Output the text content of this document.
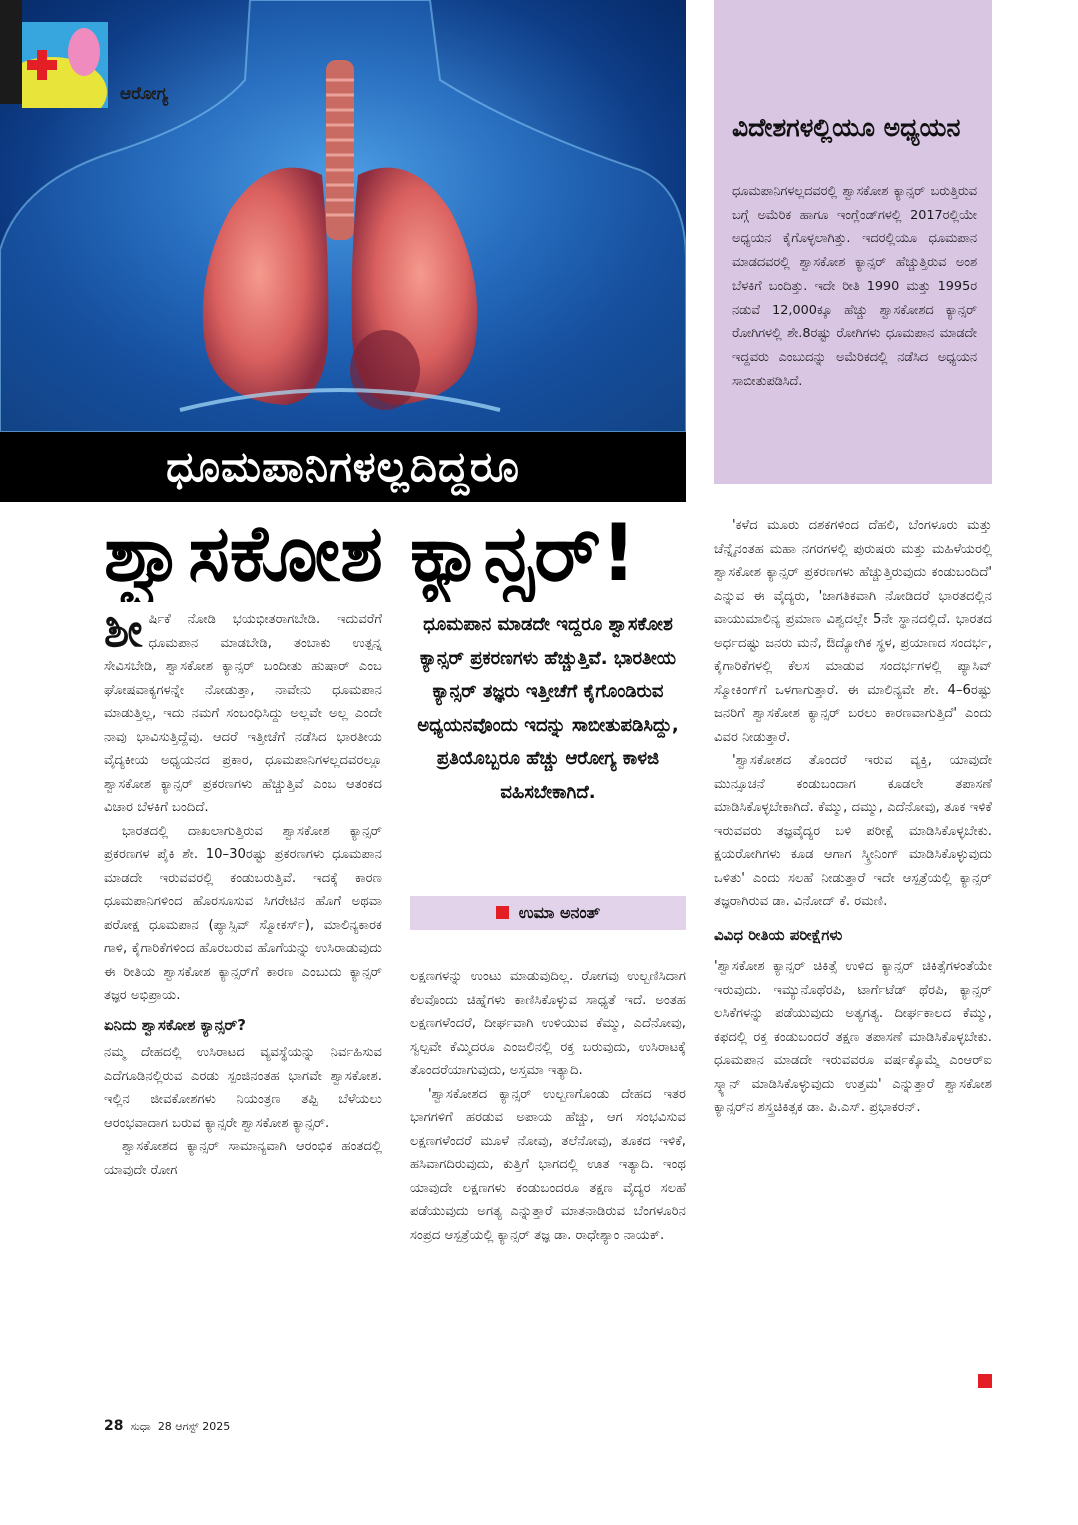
ಆರೋಗ್ಯ
ಧೂಮಪಾನಿಗಳಲ್ಲದಿದ್ದರೂ
ಶ್ವಾಸಕೋಶ ಕ್ಯಾನ್ಸರ್!
ವಿದೇಶಗಳಲ್ಲಿಯೂ ಅಧ್ಯಯನ
ಧೂಮಪಾನಿಗಳಲ್ಲದವರಲ್ಲಿ ಶ್ವಾಸಕೋಶ ಕ್ಯಾನ್ಸರ್ ಬರುತ್ತಿರುವ ಬಗ್ಗೆ ಅಮೆರಿಕ ಹಾಗೂ ಇಂಗ್ಲೆಂಡ್‌ಗಳಲ್ಲಿ 2017ರಲ್ಲಿಯೇ ಅಧ್ಯಯನ ಕೈಗೊಳ್ಳಲಾಗಿತ್ತು. ಇದರಲ್ಲಿಯೂ ಧೂಮಪಾನ ಮಾಡದವರಲ್ಲಿ ಶ್ವಾಸಕೋಶ ಕ್ಯಾನ್ಸರ್ ಹೆಚ್ಚುತ್ತಿರುವ ಅಂಶ ಬೆಳಕಿಗೆ ಬಂದಿತ್ತು. ಇದೇ ರೀತಿ 1990 ಮತ್ತು 1995ರ ನಡುವೆ 12,000ಕ್ಕೂ ಹೆಚ್ಚು ಶ್ವಾಸಕೋಶದ ಕ್ಯಾನ್ಸರ್ ರೋಗಿಗಳಲ್ಲಿ ಶೇ.8ರಷ್ಟು ರೋಗಿಗಳು ಧೂಮಪಾನ ಮಾಡದೇ ಇದ್ದವರು ಎಂಬುದನ್ನು ಅಮೆರಿಕದಲ್ಲಿ ನಡೆಸಿದ ಅಧ್ಯಯನ ಸಾಬೀತುಪಡಿಸಿದೆ.

ಶೀ ರ್ಷಿಕೆ ನೋಡಿ ಭಯಭೀತರಾಗಬೇಡಿ. ಇದುವರೆಗೆ ಧೂಮಪಾನ ಮಾಡಬೇಡಿ, ತಂಬಾಕು ಉತ್ಪನ್ನ ಸೇವಿಸಬೇಡಿ, ಶ್ವಾಸಕೋಶ ಕ್ಯಾನ್ಸರ್ ಬಂದೀತು ಹುಷಾರ್ ಎಂಬ ಘೋಷವಾಕ್ಯಗಳನ್ನೇ ನೋಡುತ್ತಾ, ನಾವೇನು ಧೂಮಪಾನ ಮಾಡುತ್ತಿಲ್ಲ, ಇದು ನಮಗೆ ಸಂಬಂಧಿಸಿದ್ದು ಅಲ್ಲವೇ ಅಲ್ಲ ಎಂದೇ ನಾವು ಭಾವಿಸುತ್ತಿದ್ದೆವು. ಆದರೆ ಇತ್ತೀಚೆಗೆ ನಡೆಸಿದ ಭಾರತೀಯ ವೈದ್ಯಕೀಯ ಅಧ್ಯಯನದ ಪ್ರಕಾರ, ಧೂಮಪಾನಿಗಳಲ್ಲದವರಲ್ಲೂ ಶ್ವಾಸಕೋಶ ಕ್ಯಾನ್ಸರ್ ಪ್ರಕರಣಗಳು ಹೆಚ್ಚುತ್ತಿವೆ ಎಂಬ ಆತಂಕದ ವಿಚಾರ ಬೆಳಕಿಗೆ ಬಂದಿದೆ.

ಭಾರತದಲ್ಲಿ ದಾಖಲಾಗುತ್ತಿರುವ ಶ್ವಾಸಕೋಶ ಕ್ಯಾನ್ಸರ್ ಪ್ರಕರಣಗಳ ಪೈಕಿ ಶೇ. 10–30ರಷ್ಟು ಪ್ರಕರಣಗಳು ಧೂಮಪಾನ ಮಾಡದೇ ಇರುವವರಲ್ಲಿ ಕಂಡುಬರುತ್ತಿವೆ. ಇದಕ್ಕೆ ಕಾರಣ ಧೂಮಪಾನಿಗಳಿಂದ ಹೊರಸೂಸುವ ಸಿಗರೇಟಿನ ಹೊಗೆ ಅಥವಾ ಪರೋಕ್ಷ ಧೂಮಪಾನ (ಪ್ಯಾಸ್ಸಿವ್ ಸ್ಮೋಕರ್ಸ್), ಮಾಲಿನ್ಯಕಾರಕ ಗಾಳಿ, ಕೈಗಾರಿಕೆಗಳಿಂದ ಹೊರಬರುವ ಹೊಗೆಯನ್ನು ಉಸಿರಾಡುವುದು ಈ ರೀತಿಯ ಶ್ವಾಸಕೋಶ ಕ್ಯಾನ್ಸರ್‌ಗೆ ಕಾರಣ ಎಂಬುದು ಕ್ಯಾನ್ಸರ್ ತಜ್ಞರ ಅಭಿಪ್ರಾಯ.

ಏನಿದು ಶ್ವಾಸಕೋಶ ಕ್ಯಾನ್ಸರ್?

ನಮ್ಮ ದೇಹದಲ್ಲಿ ಉಸಿರಾಟದ ವ್ಯವಸ್ಥೆಯನ್ನು ನಿರ್ವಹಿಸುವ ಎದೆಗೂಡಿನಲ್ಲಿರುವ ಎರಡು ಸ್ಪಂಜಿನಂತಹ ಭಾಗವೇ ಶ್ವಾಸಕೋಶ. ಇಲ್ಲಿನ ಜೀವಕೋಶಗಳು ನಿಯಂತ್ರಣ ತಪ್ಪಿ ಬೆಳೆಯಲು ಆರಂಭವಾದಾಗ ಬರುವ ಕ್ಯಾನ್ಸರೇ ಶ್ವಾಸಕೋಶ ಕ್ಯಾನ್ಸರ್.

ಶ್ವಾಸಕೋಶದ ಕ್ಯಾನ್ಸರ್ ಸಾಮಾನ್ಯವಾಗಿ ಆರಂಭಿಕ ಹಂತದಲ್ಲಿ ಯಾವುದೇ ರೋಗ

ಧೂಮಪಾನ ಮಾಡದೇ ಇದ್ದರೂ ಶ್ವಾಸಕೋಶ ಕ್ಯಾನ್ಸರ್ ಪ್ರಕರಣಗಳು ಹೆಚ್ಚುತ್ತಿವೆ. ಭಾರತೀಯ ಕ್ಯಾನ್ಸರ್ ತಜ್ಞರು ಇತ್ತೀಚೆಗೆ ಕೈಗೊಂಡಿರುವ ಅಧ್ಯಯನವೊಂದು ಇದನ್ನು ಸಾಬೀತುಪಡಿಸಿದ್ದು, ಪ್ರತಿಯೊಬ್ಬರೂ ಹೆಚ್ಚು ಆರೋಗ್ಯ ಕಾಳಜಿ ವಹಿಸಬೇಕಾಗಿದೆ.
ಉಮಾ ಅನಂತ್

ಲಕ್ಷಣಗಳನ್ನು ಉಂಟು ಮಾಡುವುದಿಲ್ಲ. ರೋಗವು ಉಲ್ಬಣಿಸಿದಾಗ ಕೆಲವೊಂದು ಚಿಹ್ನೆಗಳು ಕಾಣಿಸಿಕೊಳ್ಳುವ ಸಾಧ್ಯತೆ ಇದೆ. ಅಂತಹ ಲಕ್ಷಣಗಳೆಂದರೆ, ದೀರ್ಘವಾಗಿ ಉಳಿಯುವ ಕೆಮ್ಮು, ಎದೆನೋವು, ಸ್ವಲ್ಪವೇ ಕೆಮ್ಮಿದರೂ ಎಂಜಲಿನಲ್ಲಿ ರಕ್ತ ಬರುವುದು, ಉಸಿರಾಟಕ್ಕೆ ತೊಂದರೆಯಾಗುವುದು, ಅಸ್ತಮಾ ಇತ್ಯಾದಿ.

'ಶ್ವಾಸಕೋಶದ ಕ್ಯಾನ್ಸರ್ ಉಲ್ಬಣಗೊಂಡು ದೇಹದ ಇತರ ಭಾಗಗಳಿಗೆ ಹರಡುವ ಅಪಾಯ ಹೆಚ್ಚು, ಆಗ ಸಂಭವಿಸುವ ಲಕ್ಷಣಗಳೆಂದರೆ ಮೂಳೆ ನೋವು, ತಲೆನೋವು, ತೂಕದ ಇಳಿಕೆ, ಹಸಿವಾಗದಿರುವುದು, ಕುತ್ತಿಗೆ ಭಾಗದಲ್ಲಿ ಊತ ಇತ್ಯಾದಿ. ಇಂಥ ಯಾವುದೇ ಲಕ್ಷಣಗಳು ಕಂಡುಬಂದರೂ ತಕ್ಷಣ ವೈದ್ಯರ ಸಲಹೆ ಪಡೆಯುವುದು ಅಗತ್ಯ ಎನ್ನುತ್ತಾರೆ ಮಾತನಾಡಿರುವ ಬೆಂಗಳೂರಿನ ಸಂಪ್ರದ ಆಸ್ಪತ್ರೆಯಲ್ಲಿ ಕ್ಯಾನ್ಸರ್ ತಜ್ಞ ಡಾ. ರಾಧೇಶ್ಯಾಂ ನಾಯಕ್.

'ಕಳೆದ ಮೂರು ದಶಕಗಳಿಂದ ದೆಹಲಿ, ಬೆಂಗಳೂರು ಮತ್ತು ಚೆನ್ನೈನಂತಹ ಮಹಾ ನಗರಗಳಲ್ಲಿ ಪುರುಷರು ಮತ್ತು ಮಹಿಳೆಯರಲ್ಲಿ ಶ್ವಾಸಕೋಶ ಕ್ಯಾನ್ಸರ್ ಪ್ರಕರಣಗಳು ಹೆಚ್ಚುತ್ತಿರುವುದು ಕಂಡುಬಂದಿದೆ' ಎನ್ನುವ ಈ ವೈದ್ಯರು, 'ಜಾಗತಿಕವಾಗಿ ನೋಡಿದರೆ ಭಾರತದಲ್ಲಿನ ವಾಯುಮಾಲಿನ್ಯ ಪ್ರಮಾಣ ವಿಶ್ವದಲ್ಲೇ 5ನೇ ಸ್ಥಾನದಲ್ಲಿದೆ. ಭಾರತದ ಅರ್ಧದಷ್ಟು ಜನರು ಮನೆ, ಔದ್ಯೋಗಿಕ ಸ್ಥಳ, ಪ್ರಯಾಣದ ಸಂದರ್ಭ, ಕೈಗಾರಿಕೆಗಳಲ್ಲಿ ಕೆಲಸ ಮಾಡುವ ಸಂದರ್ಭಗಳಲ್ಲಿ ಪ್ಯಾಸಿವ್ ಸ್ಮೋಕಿಂಗ್‌ಗೆ ಒಳಗಾಗುತ್ತಾರೆ. ಈ ಮಾಲಿನ್ಯವೇ ಶೇ. 4–6ರಷ್ಟು ಜನರಿಗೆ ಶ್ವಾಸಕೋಶ ಕ್ಯಾನ್ಸರ್ ಬರಲು ಕಾರಣವಾಗುತ್ತಿದೆ' ಎಂದು ವಿವರ ನೀಡುತ್ತಾರೆ.

'ಶ್ವಾಸಕೋಶದ ತೊಂದರೆ ಇರುವ ವ್ಯಕ್ತಿ, ಯಾವುದೇ ಮುನ್ಸೂಚನೆ ಕಂಡುಬಂದಾಗ ಕೂಡಲೇ ತಪಾಸಣೆ ಮಾಡಿಸಿಕೊಳ್ಳಬೇಕಾಗಿದೆ. ಕೆಮ್ಮು, ದಮ್ಮು, ಎದೆನೋವು, ತೂಕ ಇಳಿಕೆ ಇರುವವರು ತಜ್ಞವೈದ್ಯರ ಬಳಿ ಪರೀಕ್ಷೆ ಮಾಡಿಸಿಕೊಳ್ಳಬೇಕು. ಕ್ಷಯರೋಗಿಗಳು ಕೂಡ ಆಗಾಗ ಸ್ಕ್ರೀನಿಂಗ್ ಮಾಡಿಸಿಕೊಳ್ಳುವುದು ಒಳಿತು' ಎಂದು ಸಲಹೆ ನೀಡುತ್ತಾರೆ ಇದೇ ಆಸ್ಪತ್ರೆಯಲ್ಲಿ ಕ್ಯಾನ್ಸರ್ ತಜ್ಞರಾಗಿರುವ ಡಾ. ವಿನೋದ್ ಕೆ. ರಮಣಿ.

ವಿವಿಧ ರೀತಿಯ ಪರೀಕ್ಷೆಗಳು

'ಶ್ವಾಸಕೋಶ ಕ್ಯಾನ್ಸರ್ ಚಿಕಿತ್ಸೆ ಉಳಿದ ಕ್ಯಾನ್ಸರ್ ಚಿಕಿತ್ಸೆಗಳಂತೆಯೇ ಇರುವುದು. ಇಮ್ಯುನೊಥೆರಪಿ, ಟಾರ್ಗೆಟೆಡ್ ಥೆರಪಿ, ಕ್ಯಾನ್ಸರ್ ಲಸಿಕೆಗಳನ್ನು ಪಡೆಯುವುದು ಅತ್ಯಗತ್ಯ. ದೀರ್ಘಕಾಲದ ಕೆಮ್ಮು, ಕಫದಲ್ಲಿ ರಕ್ತ ಕಂಡುಬಂದರೆ ತಕ್ಷಣ ತಪಾಸಣೆ ಮಾಡಿಸಿಕೊಳ್ಳಬೇಕು. ಧೂಮಪಾನ ಮಾಡದೇ ಇರುವವರೂ ವರ್ಷಕ್ಕೊಮ್ಮೆ ಎಂಆರ್‌ಐ ಸ್ಕ್ಯಾನ್ ಮಾಡಿಸಿಕೊಳ್ಳುವುದು ಉತ್ತಮ' ಎನ್ನುತ್ತಾರೆ ಶ್ವಾಸಕೋಶ ಕ್ಯಾನ್ಸರ್‌ನ ಶಸ್ತ್ರಚಿಕಿತ್ಸಕ ಡಾ. ಪಿ.ಎಸ್. ಪ್ರಭಾಕರನ್.

28 ಸುಧಾ 28 ಆಗಸ್ಟ್ 2025
